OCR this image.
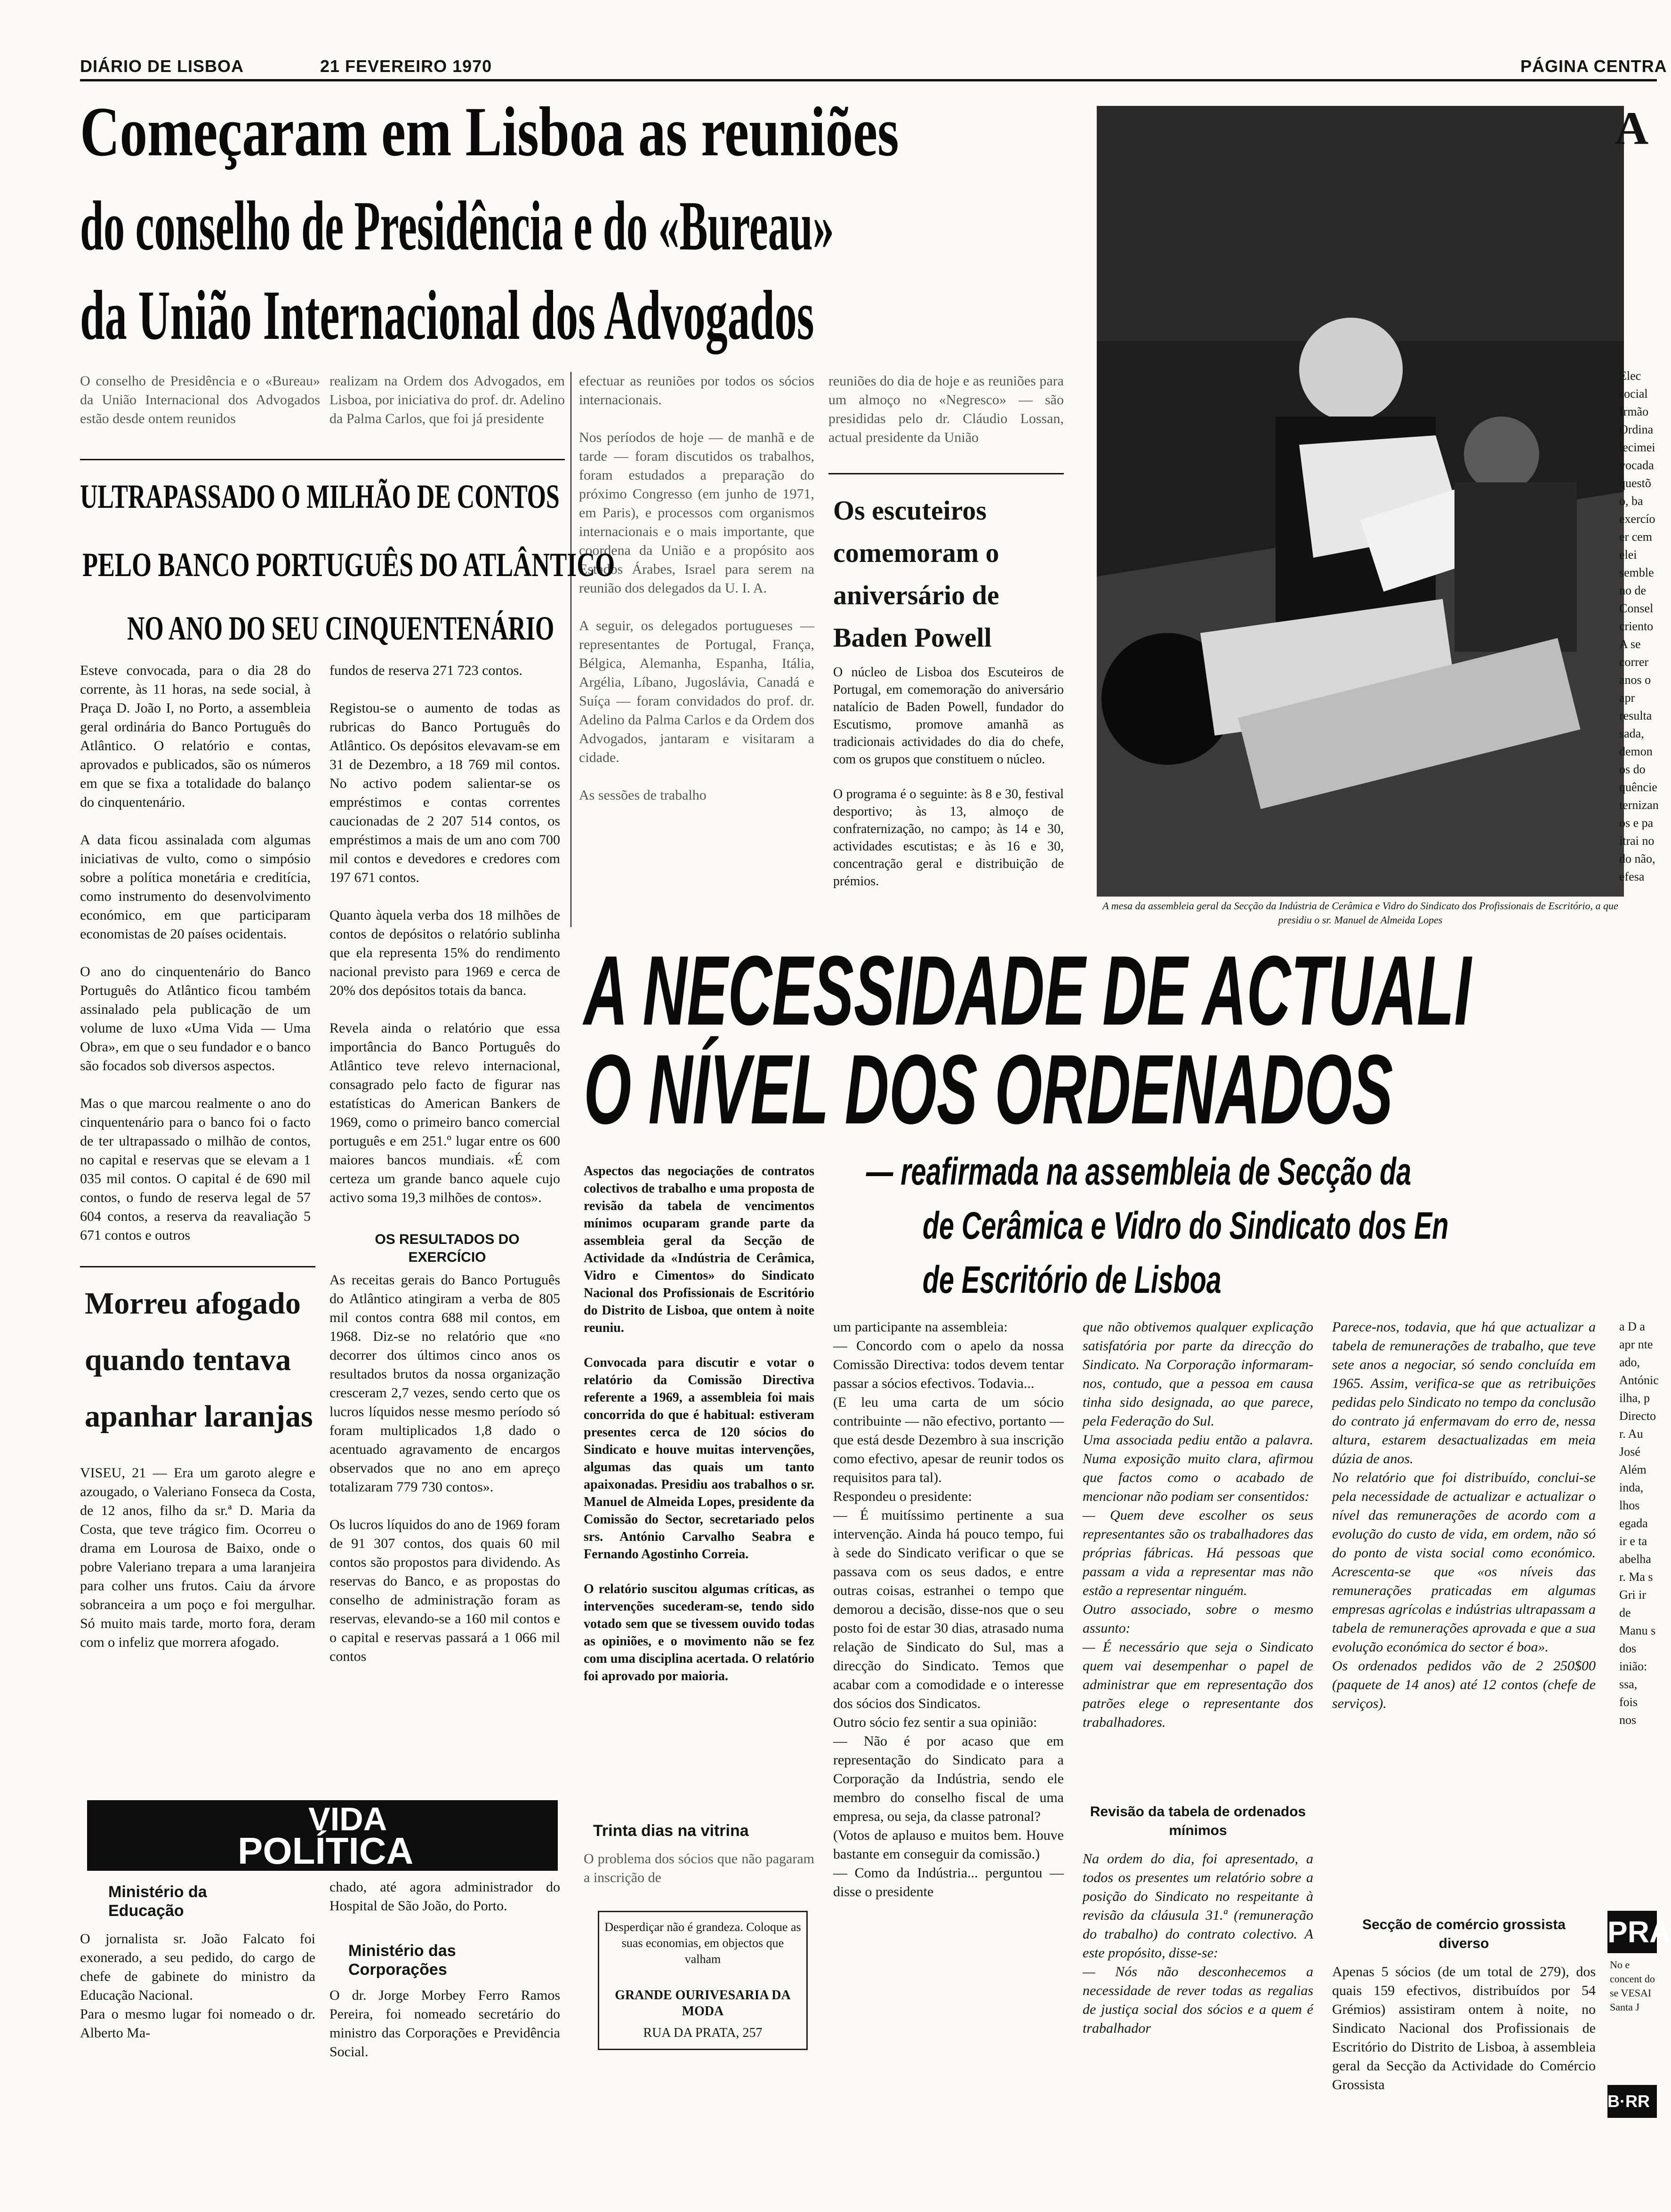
DIÁRIO DE LISBOA	21 FEVEREIRO 1970	PÁGINA CENTRA
Começaram em Lisboa as reuniões
do conselho de Presidência e do «Bureau»
da União Internacional dos Advogados
O conselho de Presidência e o «Bureau» da União Internacional dos Advogados estão desde ontem reunidos
realizam na Ordem dos Advogados, em Lisboa, por iniciativa do prof. dr. Adelino da Palma Carlos, que foi já presidente
efectuar as reuniões por todos os sócios internacionais.

Nos períodos de hoje — de manhã e de tarde — foram discutidos os trabalhos, foram estudados a preparação do próximo Congresso (em junho de 1971, em Paris), e processos com organismos internacionais e o mais importante, que coordena da União e a propósito aos Estados Árabes, Israel para serem na reunião dos delegados da U. I. A.

A seguir, os delegados portugueses — representantes de Portugal, França, Bélgica, Alemanha, Espanha, Itália, Argélia, Líbano, Jugoslávia, Canadá e Suíça — foram convidados do prof. dr. Adelino da Palma Carlos e da Ordem dos Advogados, jantaram e visitaram a cidade.

As sessões de trabalho
reuniões do dia de hoje e as reuniões para um almoço no «Negresco» — são presididas pelo dr. Cláudio Lossan, actual presidente da União
Os escuteiros comemoram o aniversário de Baden Powell
O núcleo de Lisboa dos Escuteiros de Portugal, em comemoração do aniversário natalício de Baden Powell, fundador do Escutismo, promove amanhã as tradicionais actividades do dia do chefe, com os grupos que constituem o núcleo.

O programa é o seguinte: às 8 e 30, festival desportivo; às 13, almoço de confraternização, no campo; às 14 e 30, actividades escutistas; e às 16 e 30, concentração geral e distribuição de prémios.
A mesa da assembleia geral da Secção da Indústria de Cerâmica e Vidro do Sindicato dos Profissionais de Escritório, a que presidiu o sr. Manuel de Almeida Lopes
A
Elec social Irmão Ordina lecimei vocada questõ o, ba exercío er cem elei semble no de Consel criento A se correr anos o apr resulta sada, demon os do quêncie ternizan os e pa itrai no do não, efesa
ULTRAPASSADO O MILHÃO DE CONTOS
PELO BANCO PORTUGUÊS DO ATLÂNTICO
NO ANO DO SEU CINQUENTENÁRIO
Esteve convocada, para o dia 28 do corrente, às 11 horas, na sede social, à Praça D. João I, no Porto, a assembleia geral ordinária do Banco Português do Atlântico. O relatório e contas, aprovados e publicados, são os números em que se fixa a totalidade do balanço do cinquentenário.

A data ficou assinalada com algumas iniciativas de vulto, como o simpósio sobre a política monetária e creditícia, como instrumento do desenvolvimento económico, em que participaram economistas de 20 países ocidentais.

O ano do cinquentenário do Banco Português do Atlântico ficou também assinalado pela publicação de um volume de luxo «Uma Vida — Uma Obra», em que o seu fundador e o banco são focados sob diversos aspectos.

Mas o que marcou realmente o ano do cinquentenário para o banco foi o facto de ter ultrapassado o milhão de contos, no capital e reservas que se elevam a 1 035 mil contos. O capital é de 690 mil contos, o fundo de reserva legal de 57 604 contos, a reserva da reavaliação 5 671 contos e outros
fundos de reserva 271 723 contos.

Registou-se o aumento de todas as rubricas do Banco Português do Atlântico. Os depósitos elevavam-se em 31 de Dezembro, a 18 769 mil contos. No activo podem salientar-se os empréstimos e contas correntes caucionadas de 2 207 514 contos, os empréstimos a mais de um ano com 700 mil contos e devedores e credores com 197 671 contos.

Quanto àquela verba dos 18 milhões de contos de depósitos o relatório sublinha que ela representa 15% do rendimento nacional previsto para 1969 e cerca de 20% dos depósitos totais da banca.

Revela ainda o relatório que essa importância do Banco Português do Atlântico teve relevo internacional, consagrado pelo facto de figurar nas estatísticas do American Bankers de 1969, como o primeiro banco comercial português e em 251.º lugar entre os 600 maiores bancos mundiais. «É com certeza um grande banco aquele cujo activo soma 19,3 milhões de contos».
OS RESULTADOS DO EXERCÍCIO
As receitas gerais do Banco Português do Atlântico atingiram a verba de 805 mil contos contra 688 mil contos, em 1968. Diz-se no relatório que «no decorrer dos últimos cinco anos os resultados brutos da nossa organização cresceram 2,7 vezes, sendo certo que os lucros líquidos nesse mesmo período só foram multiplicados 1,8 dado o acentuado agravamento de encargos observados que no ano em apreço totalizaram 779 730 contos».

Os lucros líquidos do ano de 1969 foram de 91 307 contos, dos quais 60 mil contos são propostos para dividendo. As reservas do Banco, e as propostas do conselho de administração foram as reservas, elevando-se a 160 mil contos e o capital e reservas passará a 1 066 mil contos
Morreu afogado quando tentava apanhar laranjas
VISEU, 21 — Era um garoto alegre e azougado, o Valeriano Fonseca da Costa, de 12 anos, filho da sr.ª D. Maria da Costa, que teve trágico fim. Ocorreu o drama em Lourosa de Baixo, onde o pobre Valeriano trepara a uma laranjeira para colher uns frutos. Caiu da árvore sobranceira a um poço e foi mergulhar. Só muito mais tarde, morto fora, deram com o infeliz que morrera afogado.
VIDA
POLÍTICA
Ministério da Educação
O jornalista sr. João Falcato foi exonerado, a seu pedido, do cargo de chefe de gabinete do ministro da Educação Nacional.
Para o mesmo lugar foi nomeado o dr. Alberto Ma-
chado, até agora administrador do Hospital de São João, do Porto.
Ministério das Corporações
O dr. Jorge Morbey Ferro Ramos Pereira, foi nomeado secretário do ministro das Corporações e Previdência Social.
A NECESSIDADE DE ACTUALI
O NÍVEL DOS ORDENADOS
— reafirmada na assembleia de Secção da
de Cerâmica e Vidro do Sindicato dos En
de Escritório de Lisboa
Aspectos das negociações de contratos colectivos de trabalho e uma proposta de revisão da tabela de vencimentos mínimos ocuparam grande parte da assembleia geral da Secção de Actividade da «Indústria de Cerâmica, Vidro e Cimentos» do Sindicato Nacional dos Profissionais de Escritório do Distrito de Lisboa, que ontem à noite reuniu.

Convocada para discutir e votar o relatório da Comissão Directiva referente a 1969, a assembleia foi mais concorrida do que é habitual: estiveram presentes cerca de 120 sócios do Sindicato e houve muitas intervenções, algumas das quais um tanto apaixonadas. Presidiu aos trabalhos o sr. Manuel de Almeida Lopes, presidente da Comissão do Sector, secretariado pelos srs. António Carvalho Seabra e Fernando Agostinho Correia.

O relatório suscitou algumas críticas, as intervenções sucederam-se, tendo sido votado sem que se tivessem ouvido todas as opiniões, e o movimento não se fez com uma disciplina acertada. O relatório foi aprovado por maioria.
um participante na assembleia:
— Concordo com o apelo da nossa Comissão Directiva: todos devem tentar passar a sócios efectivos. Todavia...
(E leu uma carta de um sócio contribuinte — não efectivo, portanto — que está desde Dezembro à sua inscrição como efectivo, apesar de reunir todos os requisitos para tal).
Respondeu o presidente:
— É muitíssimo pertinente a sua intervenção. Ainda há pouco tempo, fui à sede do Sindicato verificar o que se passava com os seus dados, e entre outras coisas, estranhei o tempo que demorou a decisão, disse-nos que o seu posto foi de estar 30 dias, atrasado numa relação de Sindicato do Sul, mas a direcção do Sindicato. Temos que acabar com a comodidade e o interesse dos sócios dos Sindicatos.
Outro sócio fez sentir a sua opinião:
— Não é por acaso que em representação do Sindicato para a Corporação da Indústria, sendo ele membro do conselho fiscal de uma empresa, ou seja, da classe patronal?
(Votos de aplauso e muitos bem. Houve bastante em conseguir da comissão.)
— Como da Indústria... perguntou — disse o presidente
que não obtivemos qualquer explicação satisfatória por parte da direcção do Sindicato. Na Corporação informaram-nos, contudo, que a pessoa em causa tinha sido designada, ao que parece, pela Federação do Sul.
Uma associada pediu então a palavra. Numa exposição muito clara, afirmou que factos como o acabado de mencionar não podiam ser consentidos:
— Quem deve escolher os seus representantes são os trabalhadores das próprias fábricas. Há pessoas que passam a vida a representar mas não estão a representar ninguém.
Outro associado, sobre o mesmo assunto:
— É necessário que seja o Sindicato quem vai desempenhar o papel de administrar que em representação dos patrões elege o representante dos trabalhadores.
Revisão da tabela de ordenados mínimos
Na ordem do dia, foi apresentado, a todos os presentes um relatório sobre a posição do Sindicato no respeitante à revisão da cláusula 31.ª (remuneração do trabalho) do contrato colectivo. A este propósito, disse-se:
— Nós não desconhecemos a necessidade de rever todas as regalias de justiça social dos sócios e a quem é trabalhador
Parece-nos, todavia, que há que actualizar a tabela de remunerações de trabalho, que teve sete anos a negociar, só sendo concluída em 1965. Assim, verifica-se que as retribuições pedidas pelo Sindicato no tempo da conclusão do contrato já enfermavam do erro de, nessa altura, estarem desactualizadas em meia dúzia de anos.
No relatório que foi distribuído, conclui-se pela necessidade de actualizar e actualizar o nível das remunerações de acordo com a evolução do custo de vida, em ordem, não só do ponto de vista social como económico. Acrescenta-se que «os níveis das remunerações praticadas em algumas empresas agrícolas e indústrias ultrapassam a tabela de remunerações aprovada e que a sua evolução económica do sector é boa».
Os ordenados pedidos vão de 2 250$00 (paquete de 14 anos) até 12 contos (chefe de serviços).
Secção de comércio grossista diverso
Apenas 5 sócios (de um total de 279), dos quais 159 efectivos, distribuídos por 54 Grémios) assistiram ontem à noite, no Sindicato Nacional dos Profissionais de Escritório do Distrito de Lisboa, à assembleia geral da Secção da Actividade do Comércio Grossista
a D a apr nte ado, Antónic ilha, p Directo r. Au José Além inda, lhos egada ir e ta abelha r. Ma s Gri ir de Manu s dos inião: ssa, fois nos
PRA
No e concent do se VESAI Santa J
B·RR
Trinta dias na vitrina
O problema dos sócios que não pagaram a inscrição de
Desperdiçar não é grandeza. Coloque as suas economias, em objectos que valham
GRANDE OURIVESARIA DA MODA
RUA DA PRATA, 257
